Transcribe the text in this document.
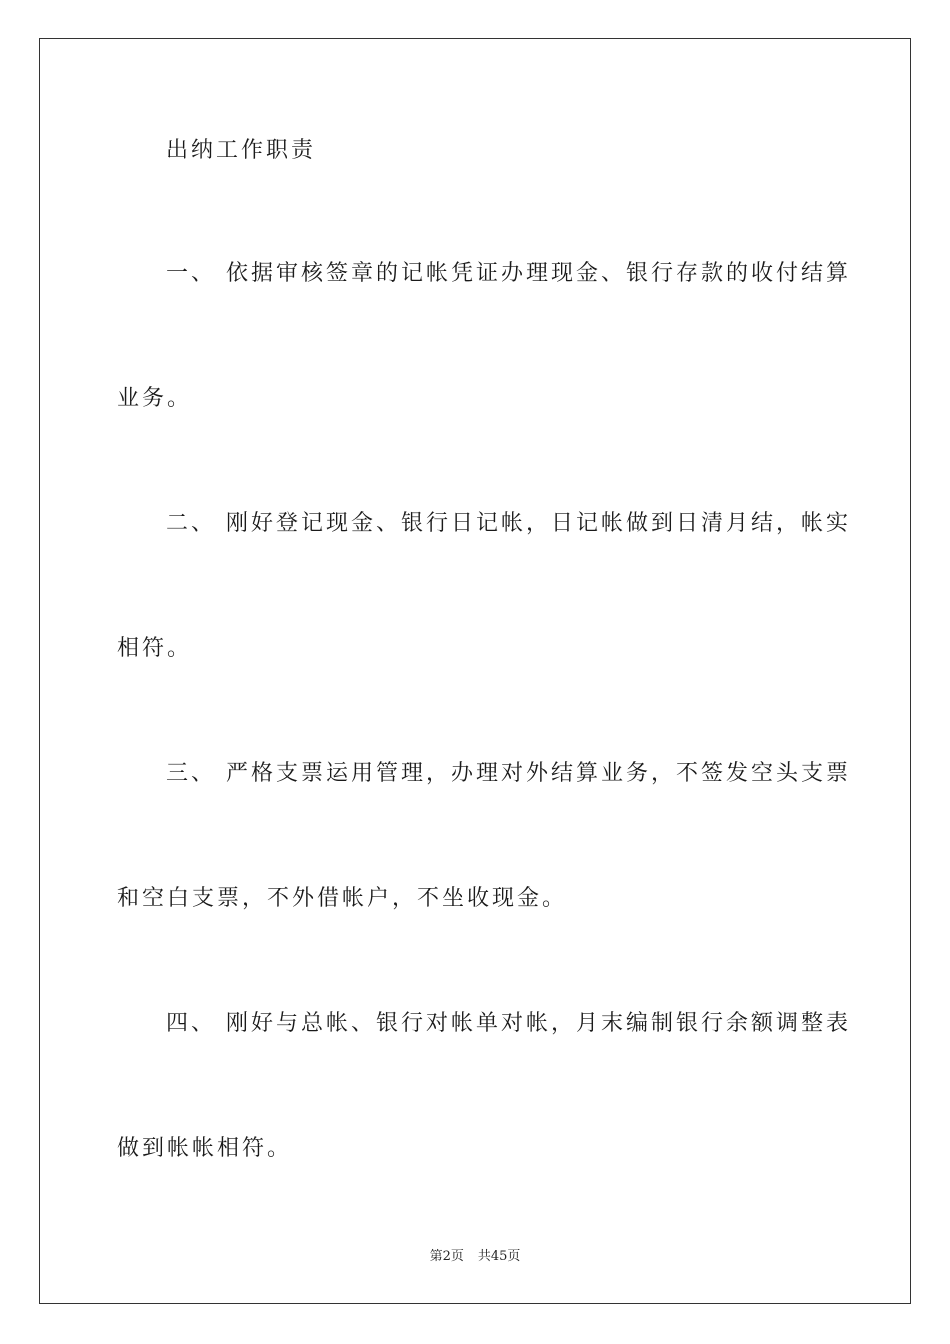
出纳工作职责
一、 依据审核签章的记帐凭证办理现金、银行存款的收付结算
业务。
二、 刚好登记现金、银行日记帐，日记帐做到日清月结，帐实
相符。
三、 严格支票运用管理，办理对外结算业务，不签发空头支票
和空白支票，不外借帐户，不坐收现金。
四、 刚好与总帐、银行对帐单对帐，月末编制银行余额调整表
做到帐帐相符。
第2页 共45页
